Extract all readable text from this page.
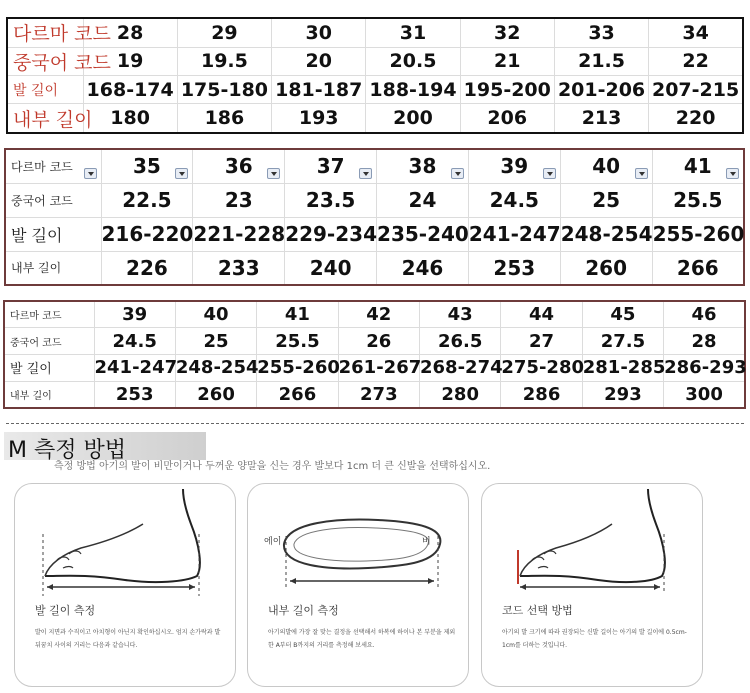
다르마 코드	28	29	30	31	32	33	34
중국어 코드	19	19.5	20	20.5	21	21.5	22
발 길이	168-174	175-180	181-187	188-194	195-200	201-206	207-215
내부 길이	180	186	193	200	206	213	220
다르마 코드	35	36	37	38	39	40	41

중국어 코드	22.5	23	23.5	24	24.5	25	25.5
발 길이	216-220	221-228	229-234	235-240	241-247	248-254	255-260
내부 길이	226	233	240	246	253	260	266
다르마 코드	39	40	41	42	43	44	45	46
중국어 코드	24.5	25	25.5	26	26.5	27	27.5	28
발 길이	241-247	248-254	255-260	261-267	268-274	275-280	281-285	286-293
내부 길이	253	260	266	273	280	286	293	300
M 측정 방법
측정 방법 아기의 발이 비만이거나 두꺼운 양말을 신는 경우 발보다 1cm 더 큰 신발을 선택하십시오.
발 길이 측정
발이 지면과 수직이고 아치형이 아닌지 확인하십시오. 엄지 손가락과 발뒤꿈치 사이의 거리는 다음과 같습니다.
에이	비
내부 길이 측정
아기의발에 가장 잘 맞는 결정을 선택해서 하복에 하이나 본 부분을 제외한 A부터 B까지의 거리를 측정해 보세요.
코드 선택 방법
아기의 발 크기에 따라 권장되는 신발 길이는 아기의 발 길이에 0.5cm-1cm를 더하는 것입니다.
